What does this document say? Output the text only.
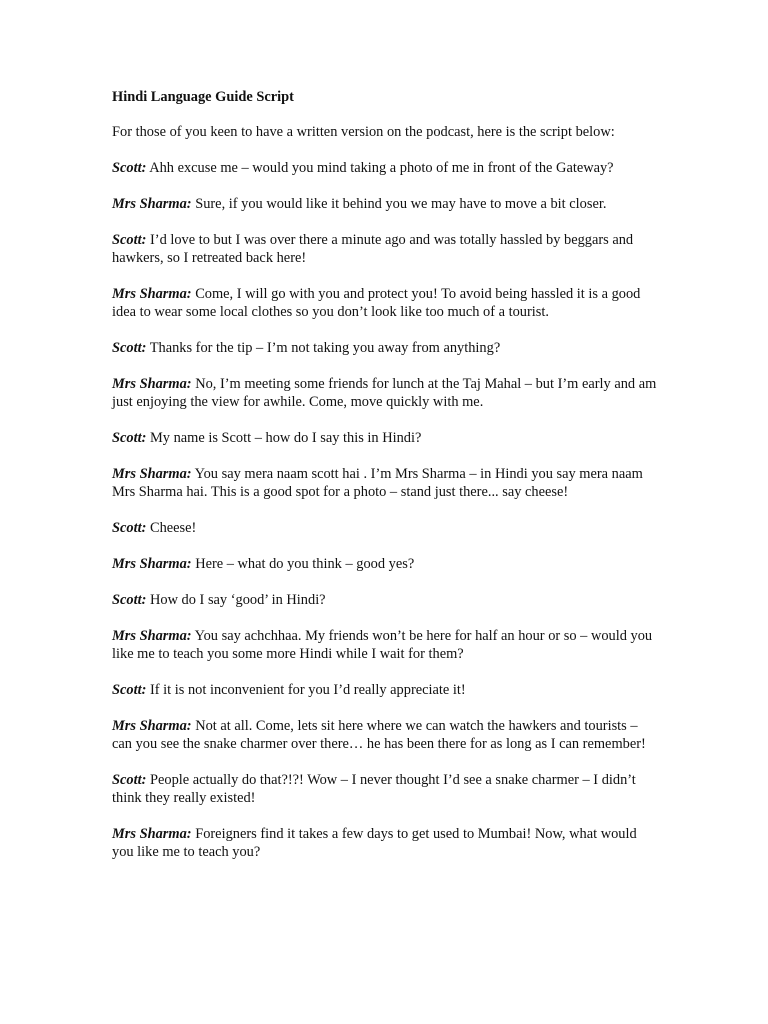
Hindi Language Guide Script
For those of you keen to have a written version on the podcast, here is the script below:
Scott: Ahh excuse me – would you mind taking a photo of me in front of the Gateway?
Mrs Sharma: Sure, if you would like it behind you we may have to move a bit closer.
Scott: I’d love to but I was over there a minute ago and was totally hassled by beggars and hawkers, so I retreated back here!
Mrs Sharma: Come, I will go with you and protect you! To avoid being hassled it is a good idea to wear some local clothes so you don’t look like too much of a tourist.
Scott: Thanks for the tip – I’m not taking you away from anything?
Mrs Sharma: No, I’m meeting some friends for lunch at the Taj Mahal – but I’m early and am just enjoying the view for awhile. Come, move quickly with me.
Scott: My name is Scott – how do I say this in Hindi?
Mrs Sharma: You say mera naam scott hai . I’m Mrs Sharma – in Hindi you say mera naam Mrs Sharma hai. This is a good spot for a photo – stand just there... say cheese!
Scott: Cheese!
Mrs Sharma: Here – what do you think – good yes?
Scott: How do I say ‘good’ in Hindi?
Mrs Sharma: You say achchhaa. My friends won’t be here for half an hour or so – would you like me to teach you some more Hindi while I wait for them?
Scott: If it is not inconvenient for you I’d really appreciate it!
Mrs Sharma: Not at all. Come, lets sit here where we can watch the hawkers and tourists – can you see the snake charmer over there… he has been there for as long as I can remember!
Scott: People actually do that?!?! Wow – I never thought I’d see a snake charmer – I didn’t think they really existed!
Mrs Sharma: Foreigners find it takes a few days to get used to Mumbai! Now, what would you like me to teach you?
